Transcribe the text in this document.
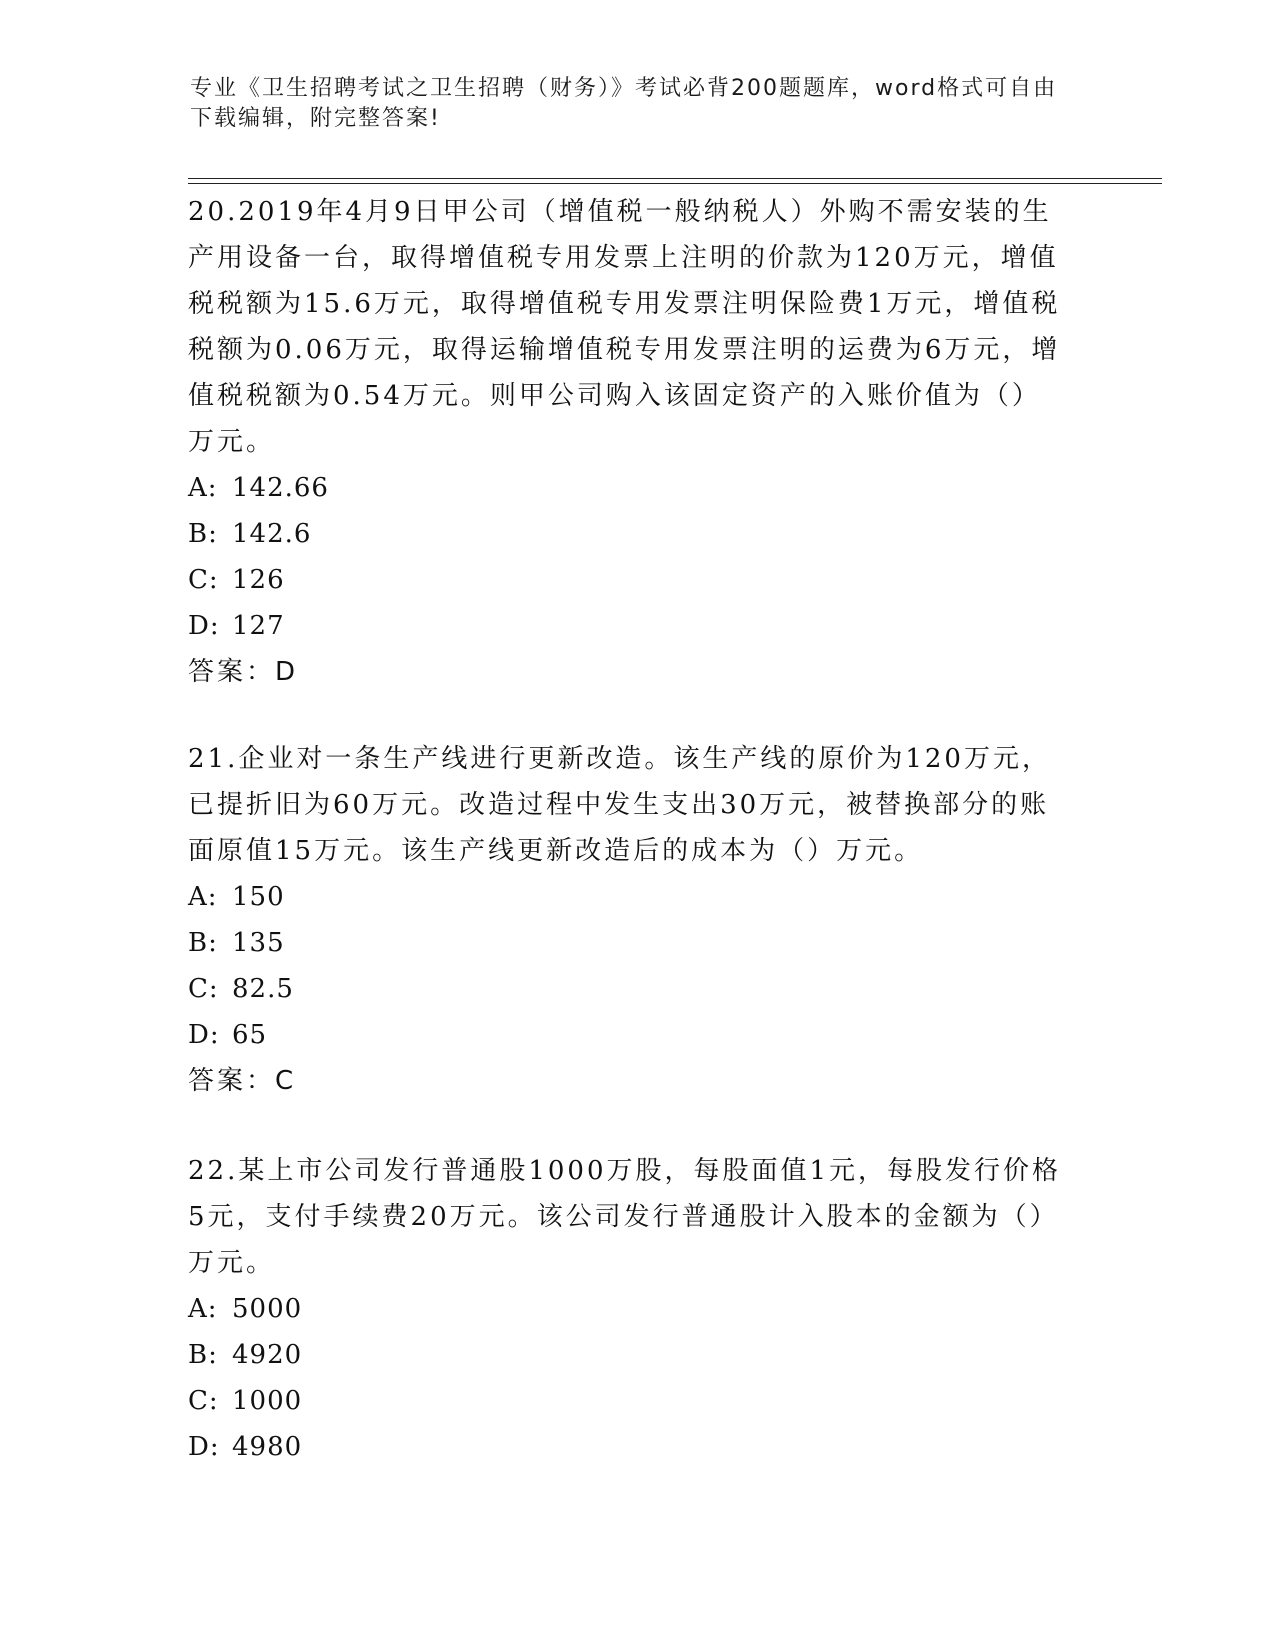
专业《卫生招聘考试之卫生招聘（财务）》考试必背200题题库，word格式可自由下载编辑，附完整答案!

20.2019年4月9日甲公司（增值税一般纳税人）外购不需安装的生产用设备一台，取得增值税专用发票上注明的价款为120万元，增值税税额为15.6万元，取得增值税专用发票注明保险费1万元，增值税税额为0.06万元，取得运输增值税专用发票注明的运费为6万元，增值税税额为0.54万元。则甲公司购入该固定资产的入账价值为（）万元。

A: 142.66
B: 142.6
C: 126
D: 127
答案：D

21.企业对一条生产线进行更新改造。该生产线的原价为120万元，已提折旧为60万元。改造过程中发生支出30万元，被替换部分的账面原值15万元。该生产线更新改造后的成本为（）万元。

A: 150
B: 135
C: 82.5
D: 65
答案：C

22.某上市公司发行普通股1000万股，每股面值1元，每股发行价格5元，支付手续费20万元。该公司发行普通股计入股本的金额为（）万元。

A: 5000
B: 4920
C: 1000
D: 4980
